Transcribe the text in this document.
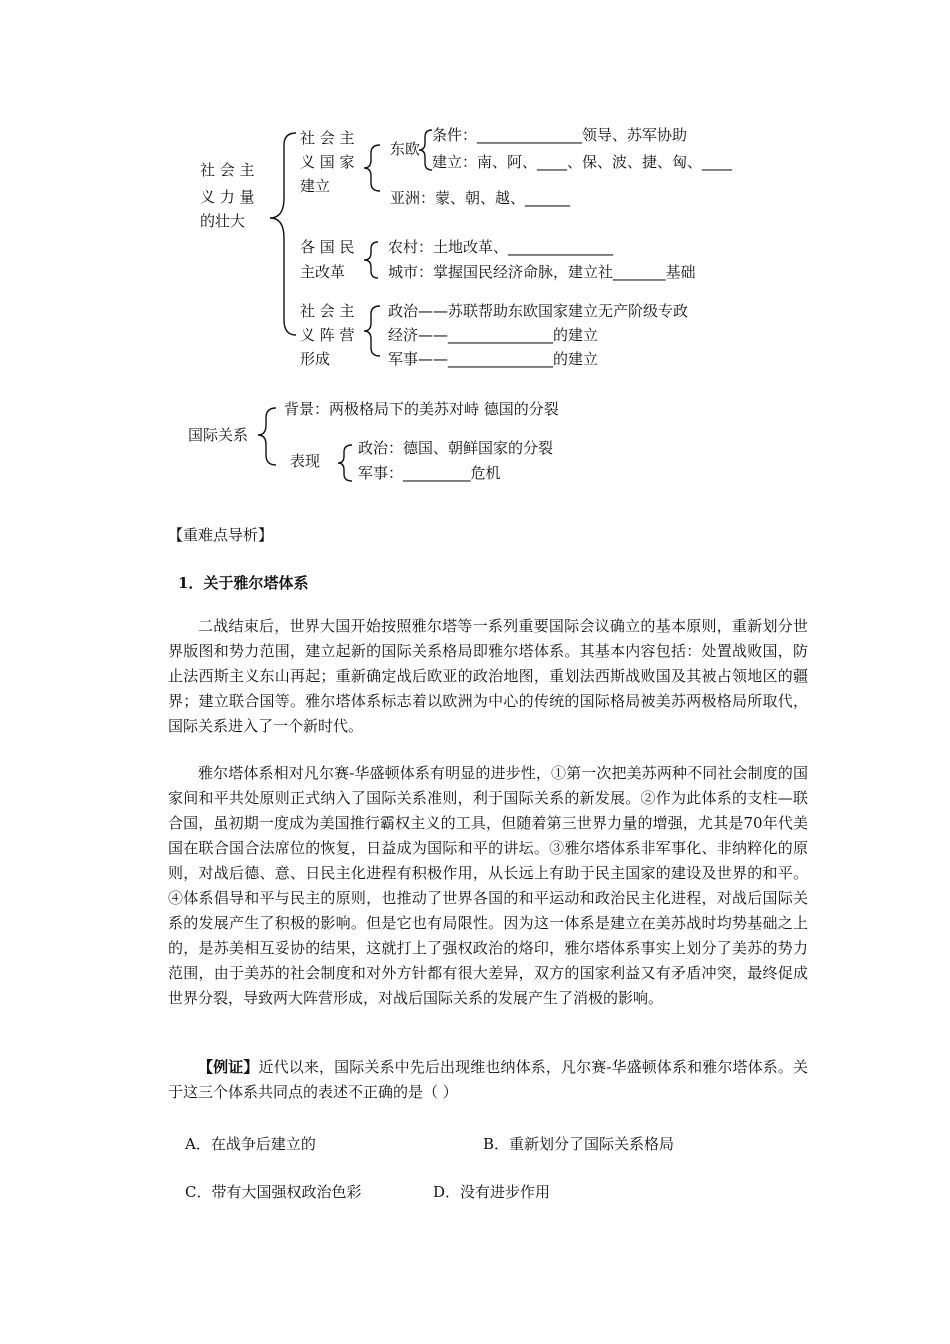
社 会 主
义 力 量
的壮大
社 会 主
义 国 家
建立
东欧
条件：______________领导、苏军协助
建立：南、阿、____、保、波、捷、匈、____
亚洲：蒙、朝、越、______
各 国 民
主改革
农村：土地改革、______________
城市：掌握国民经济命脉，建立社_______基础
社 会 主
义 阵 营
形成
政治——苏联帮助东欧国家建立无产阶级专政
经济——______________的建立
军事——______________的建立
国际关系
背景：两极格局下的美苏对峙 德国的分裂
表现
政治：德国、朝鲜国家的分裂
军事：_________危机
【重难点导析】
1．关于雅尔塔体系

二战结束后，世界大国开始按照雅尔塔等一系列重要国际会议确立的基本原则，重新划分世界版图和势力范围，建立起新的国际关系格局即雅尔塔体系。其基本内容包括：处置战败国，防止法西斯主义东山再起；重新确定战后欧亚的政治地图，重划法西斯战败国及其被占领地区的疆界；建立联合国等。雅尔塔体系标志着以欧洲为中心的传统的国际格局被美苏两极格局所取代，国际关系进入了一个新时代。

雅尔塔体系相对凡尔赛-华盛顿体系有明显的进步性，①第一次把美苏两种不同社会制度的国家间和平共处原则正式纳入了国际关系准则，利于国际关系的新发展。②作为此体系的支柱—联合国，虽初期一度成为美国推行霸权主义的工具，但随着第三世界力量的增强，尤其是70年代美国在联合国合法席位的恢复，日益成为国际和平的讲坛。③雅尔塔体系非军事化、非纳粹化的原则，对战后德、意、日民主化进程有积极作用，从长远上有助于民主国家的建设及世界的和平。④体系倡导和平与民主的原则，也推动了世界各国的和平运动和政治民主化进程，对战后国际关系的发展产生了积极的影响。但是它也有局限性。因为这一体系是建立在美苏战时均势基础之上的，是苏美相互妥协的结果，这就打上了强权政治的烙印，雅尔塔体系事实上划分了美苏的势力范围，由于美苏的社会制度和对外方针都有很大差异，双方的国家利益又有矛盾冲突，最终促成世界分裂，导致两大阵营形成，对战后国际关系的发展产生了消极的影响。

【例证】近代以来，国际关系中先后出现维也纳体系，凡尔赛-华盛顿体系和雅尔塔体系。关于这三个体系共同点的表述不正确的是（ ）

A．在战争后建立的	B．重新划分了国际关系格局
C．带有大国强权政治色彩	D．没有进步作用
